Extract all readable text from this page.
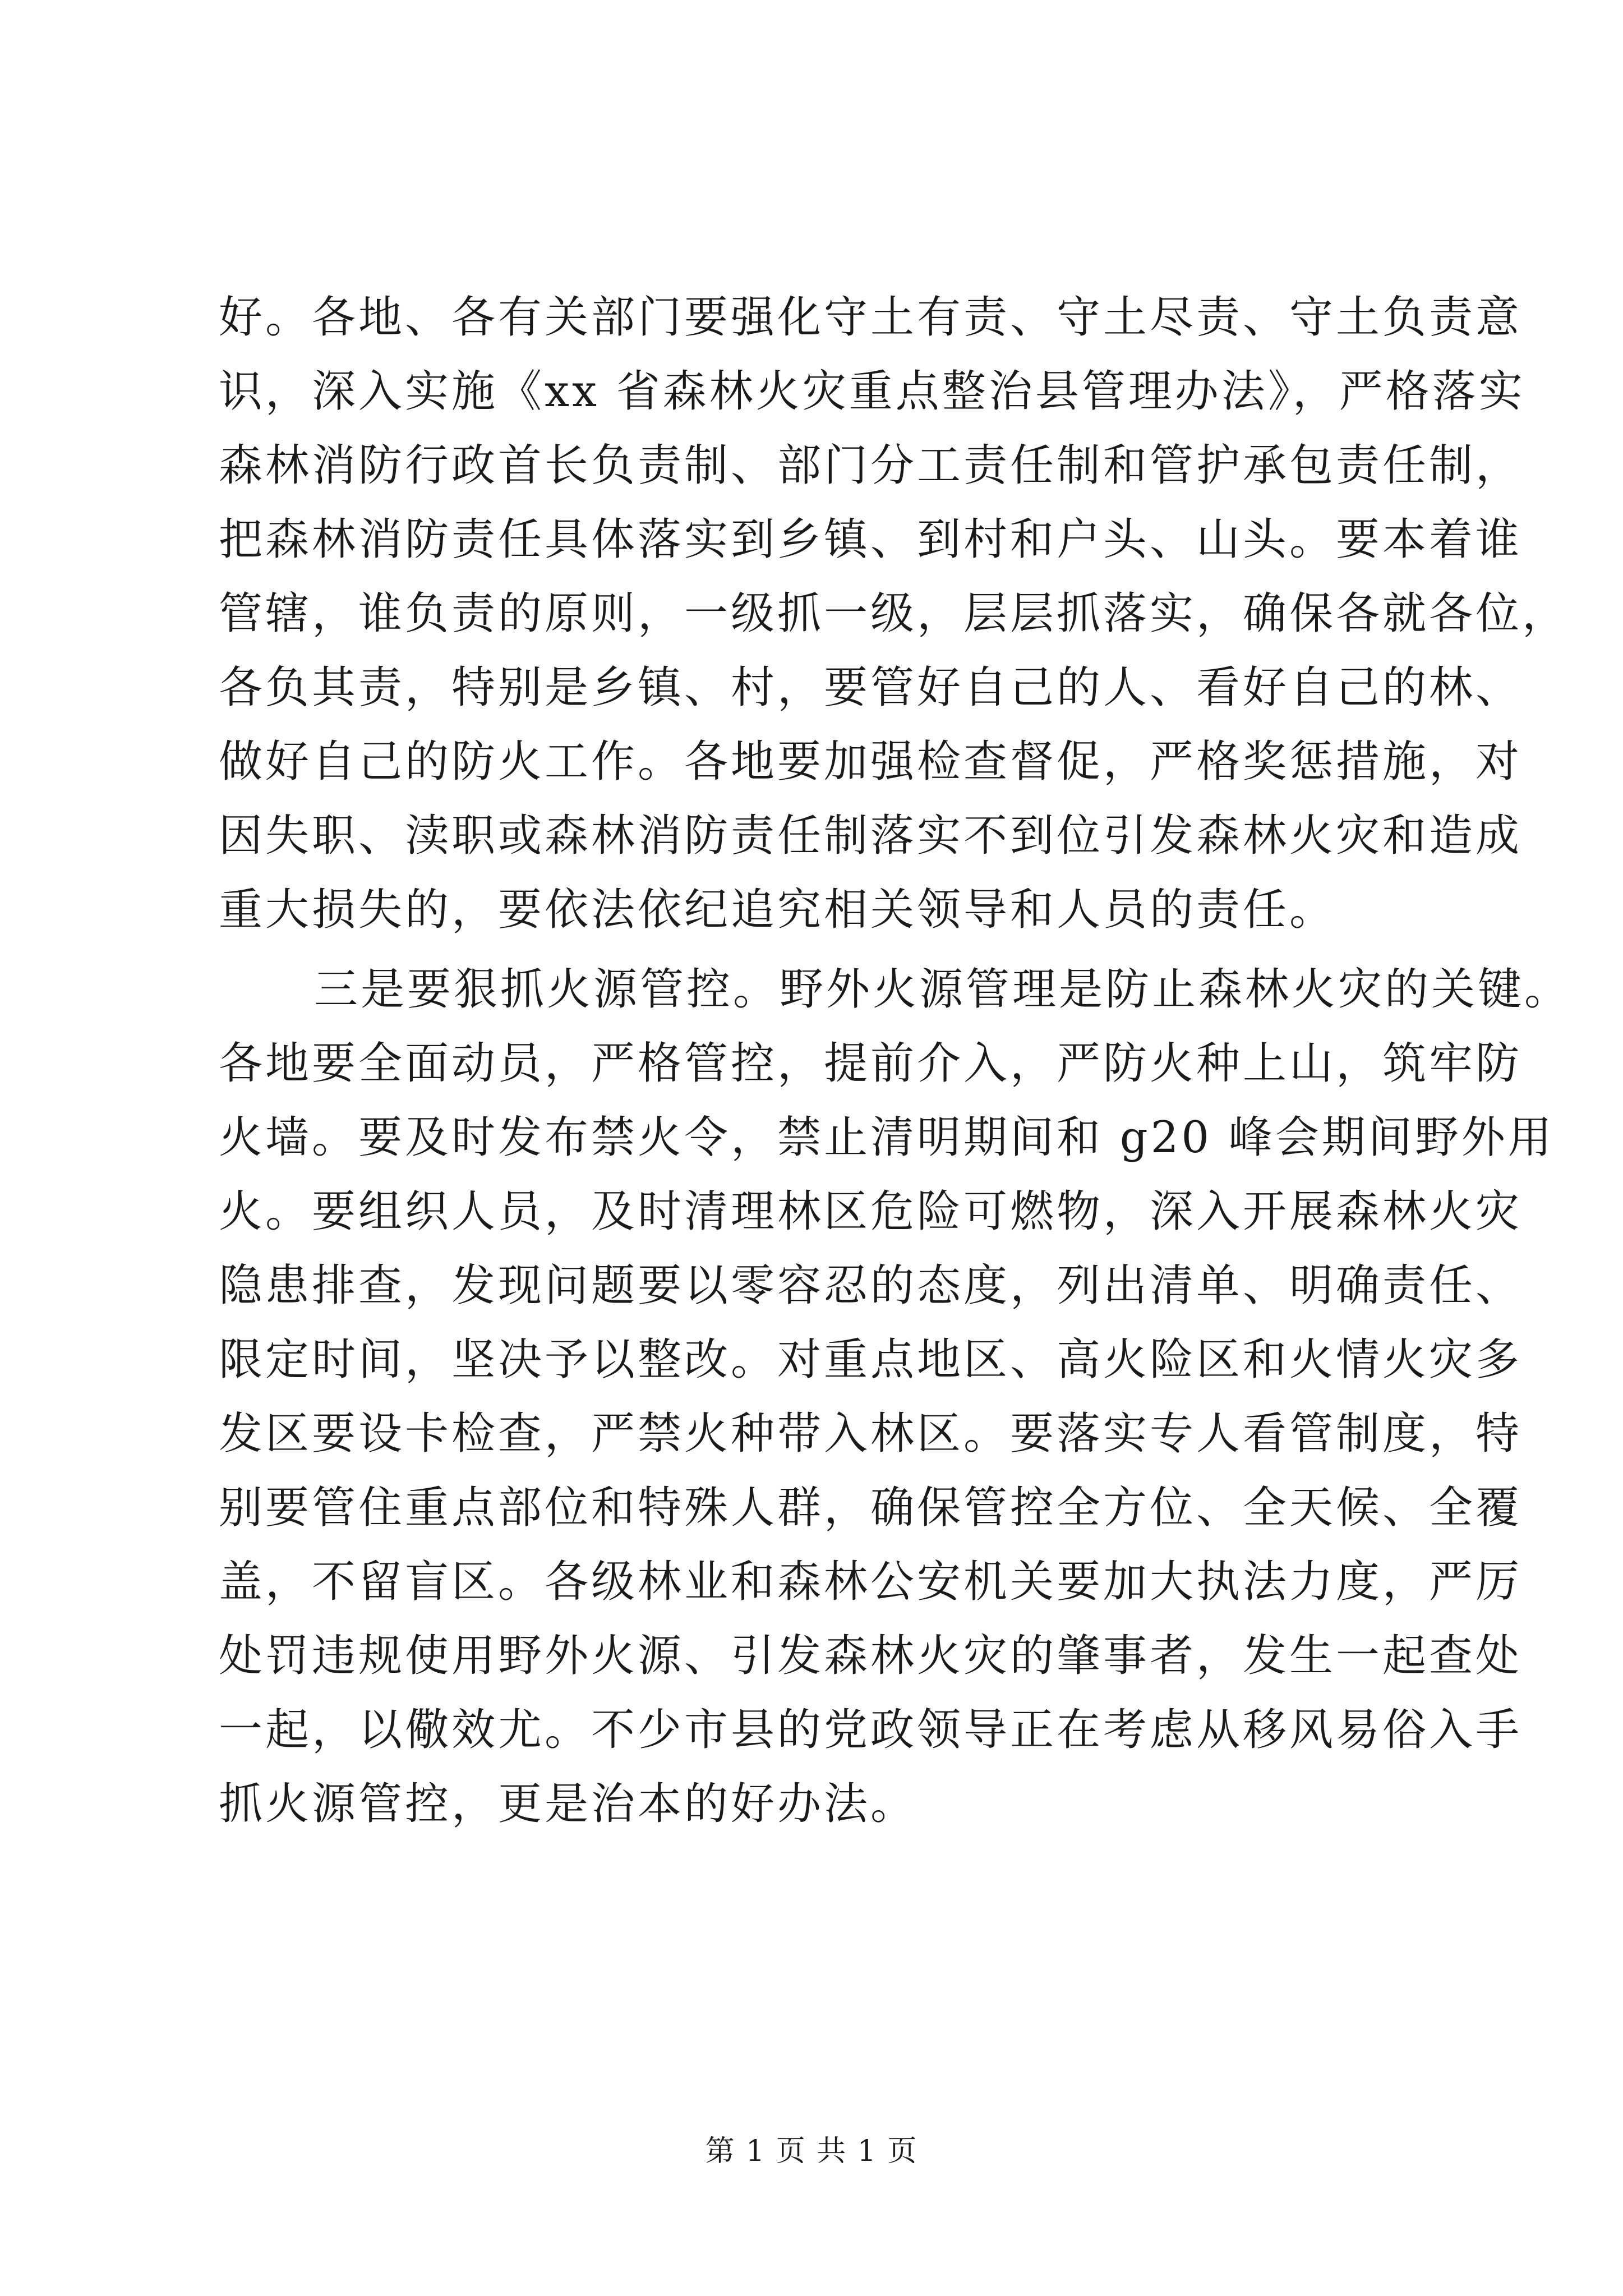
好。各地、各有关部门要强化守土有责、守土尽责、守土负责意
识，深入实施《xx 省森林火灾重点整治县管理办法》，严格落实
森林消防行政首长负责制、部门分工责任制和管护承包责任制，
把森林消防责任具体落实到乡镇、到村和户头、山头。要本着谁
管辖，谁负责的原则，一级抓一级，层层抓落实，确保各就各位，
各负其责，特别是乡镇、村，要管好自己的人、看好自己的林、
做好自己的防火工作。各地要加强检查督促，严格奖惩措施，对
因失职、渎职或森林消防责任制落实不到位引发森林火灾和造成
重大损失的，要依法依纪追究相关领导和人员的责任。
三是要狠抓火源管控。野外火源管理是防止森林火灾的关键。
各地要全面动员，严格管控，提前介入，严防火种上山，筑牢防
火墙。要及时发布禁火令，禁止清明期间和 g20 峰会期间野外用
火。要组织人员，及时清理林区危险可燃物，深入开展森林火灾
隐患排查，发现问题要以零容忍的态度，列出清单、明确责任、
限定时间，坚决予以整改。对重点地区、高火险区和火情火灾多
发区要设卡检查，严禁火种带入林区。要落实专人看管制度，特
别要管住重点部位和特殊人群，确保管控全方位、全天候、全覆
盖，不留盲区。各级林业和森林公安机关要加大执法力度，严厉
处罚违规使用野外火源、引发森林火灾的肇事者，发生一起查处
一起，以儆效尤。不少市县的党政领导正在考虑从移风易俗入手
抓火源管控，更是治本的好办法。
第 1 页 共 1 页
